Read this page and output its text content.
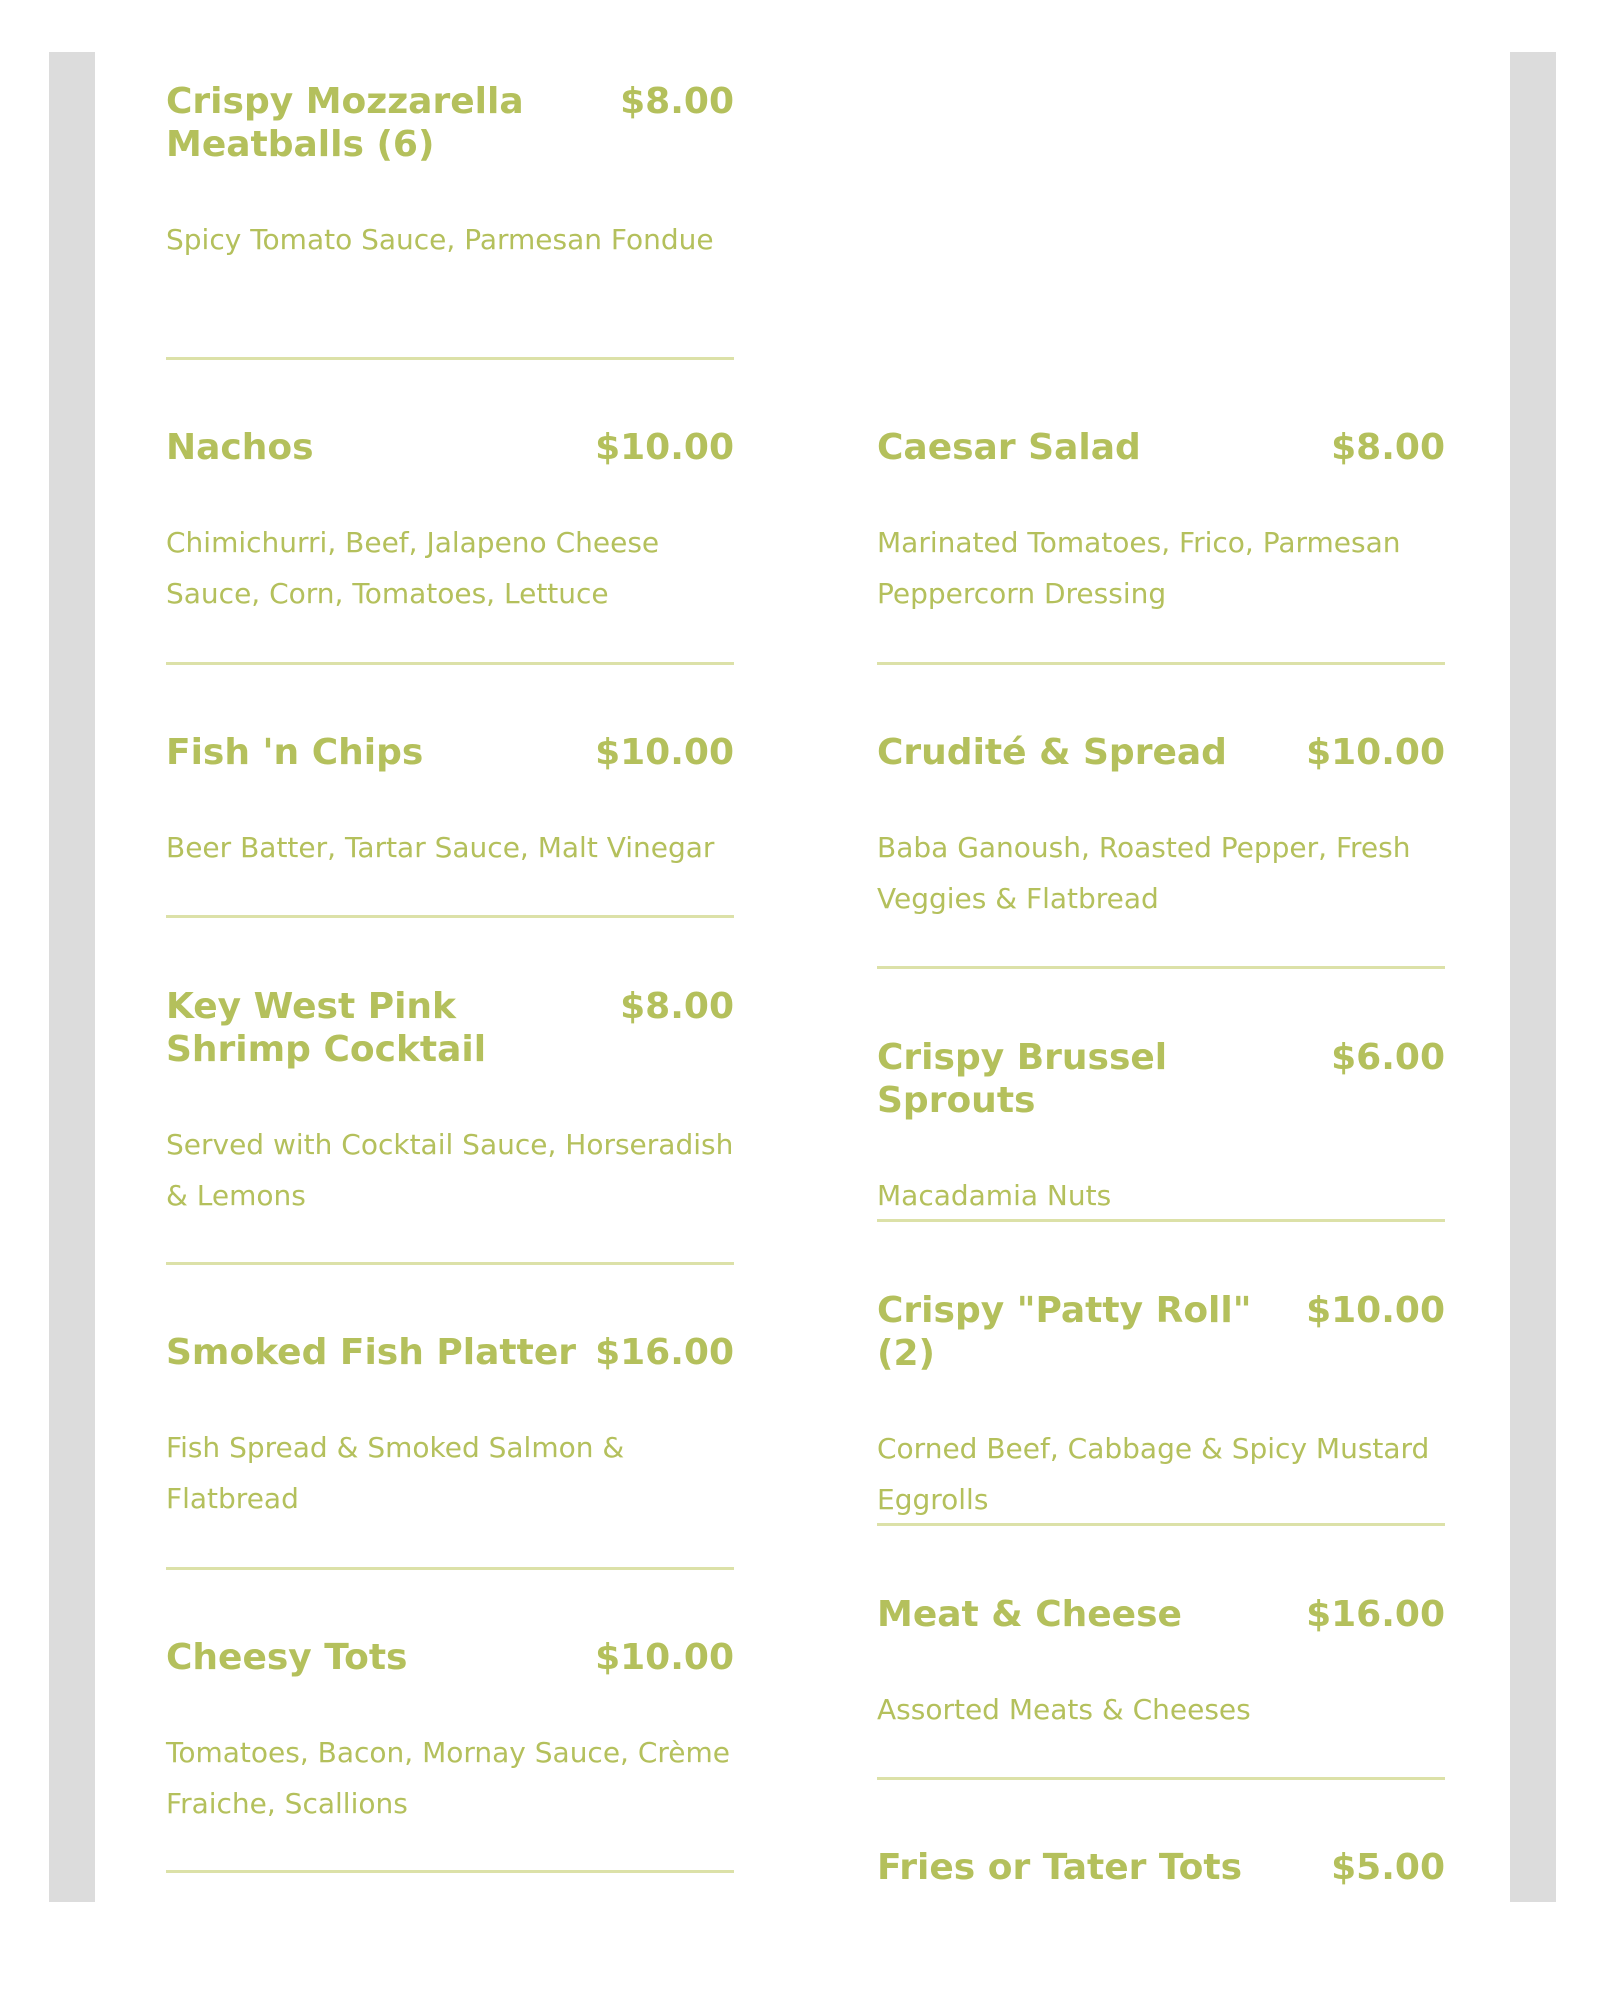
Crispy Mozzarella Meatballs (6)
$8.00
Spicy Tomato Sauce, Parmesan Fondue
Nachos	$10.00
Chimichurri, Beef, Jalapeno Cheese Sauce, Corn, Tomatoes, Lettuce
Fish 'n Chips	$10.00
Beer Batter, Tartar Sauce, Malt Vinegar
Key West Pink Shrimp Cocktail
$8.00
Served with Cocktail Sauce, Horseradish & Lemons
Smoked Fish Platter $16.00
Fish Spread & Smoked Salmon & Flatbread
Cheesy Tots	$10.00
Tomatoes, Bacon, Mornay Sauce, Crème Fraiche, Scallions
Caesar Salad	$8.00
Marinated Tomatoes, Frico, Parmesan Peppercorn Dressing
Crudité & Spread $10.00
Baba Ganoush, Roasted Pepper, Fresh Veggies & Flatbread
Crispy Brussel Sprouts
$6.00
Macadamia Nuts
Crispy "Patty Roll" (2)
$10.00
Corned Beef, Cabbage & Spicy Mustard Eggrolls
Meat & Cheese	$16.00
Assorted Meats & Cheeses
Fries or Tater Tots $5.00
